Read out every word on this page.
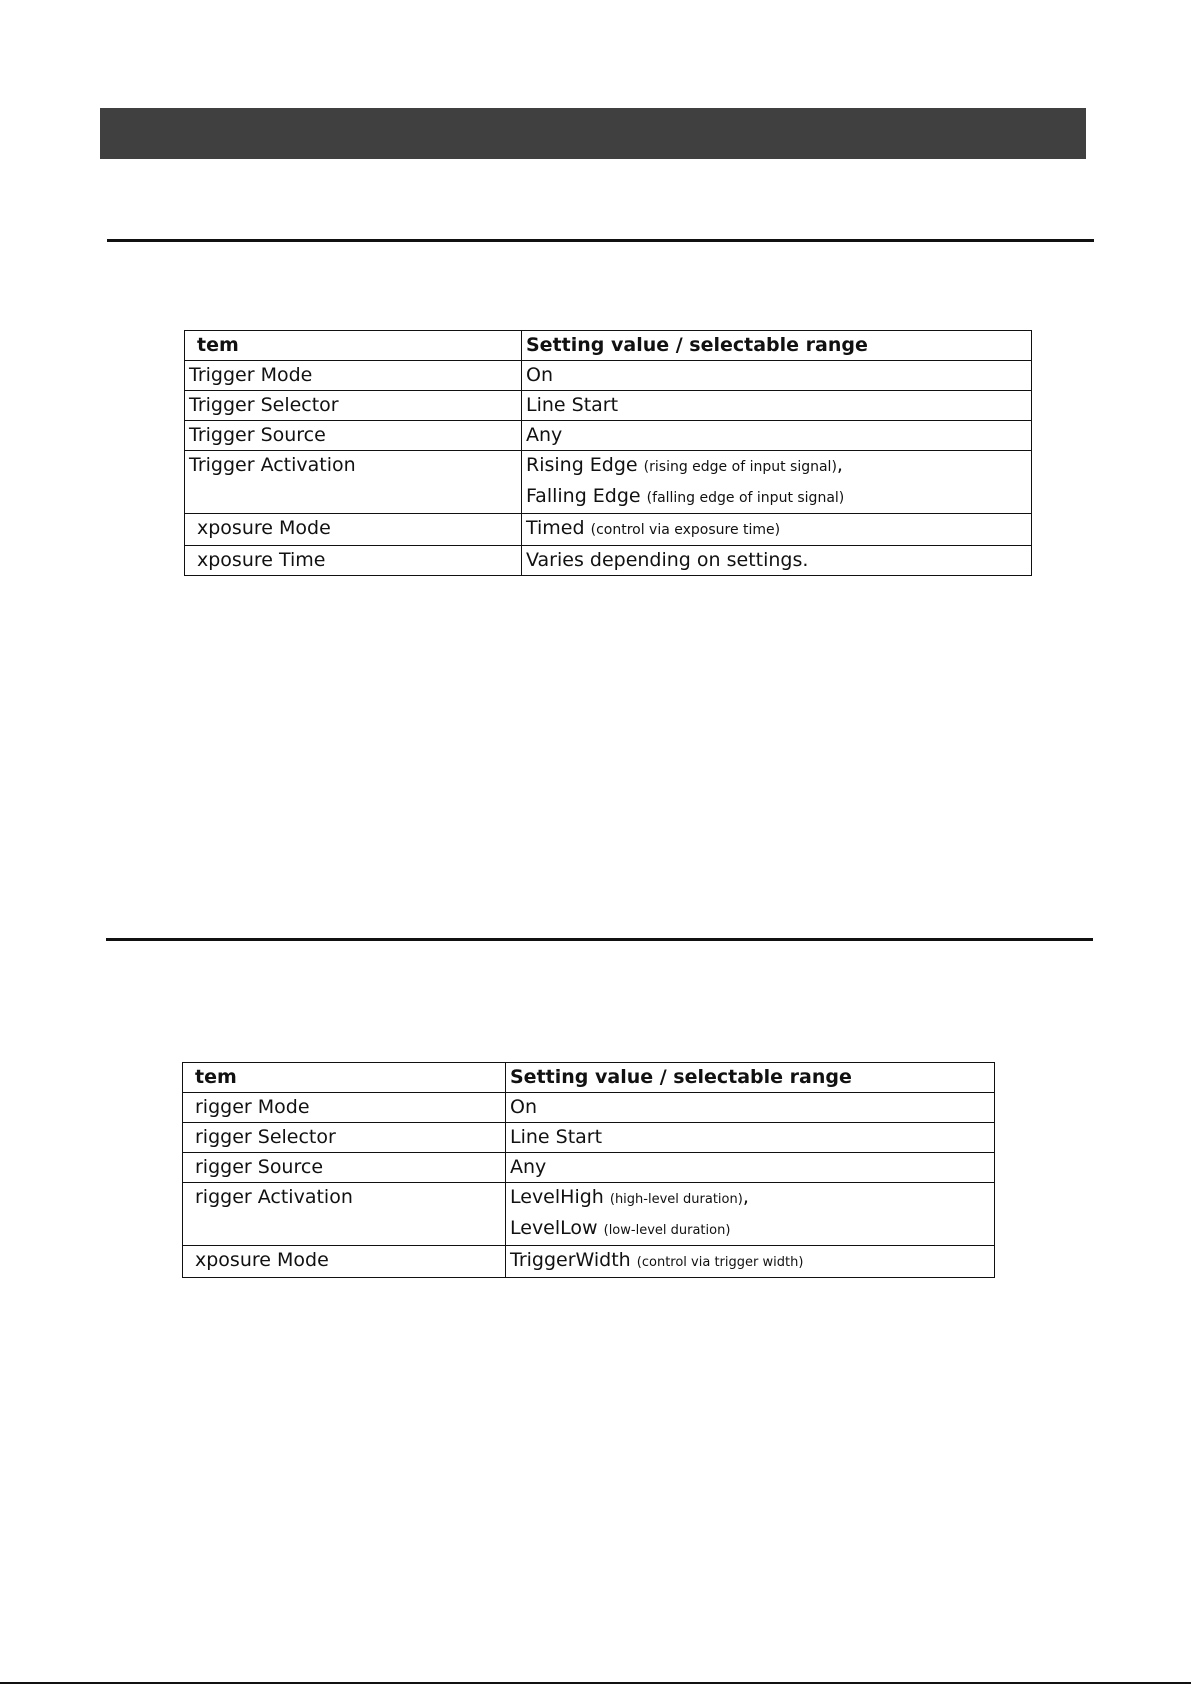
tem	Setting value / selectable range
Trigger Mode	On
Trigger Selector	Line Start
Trigger Source	Any
Trigger Activation	Rising Edge (rising edge of input signal),
Falling Edge (falling edge of input signal)

xposure Mode	Timed (control via exposure time)
xposure Time	Varies depending on settings.
tem	Setting value / selectable range
rigger Mode	On
rigger Selector	Line Start
rigger Source	Any
rigger Activation	LevelHigh (high-level duration),
LevelLow (low-level duration)

xposure Mode	TriggerWidth (control via trigger width)
